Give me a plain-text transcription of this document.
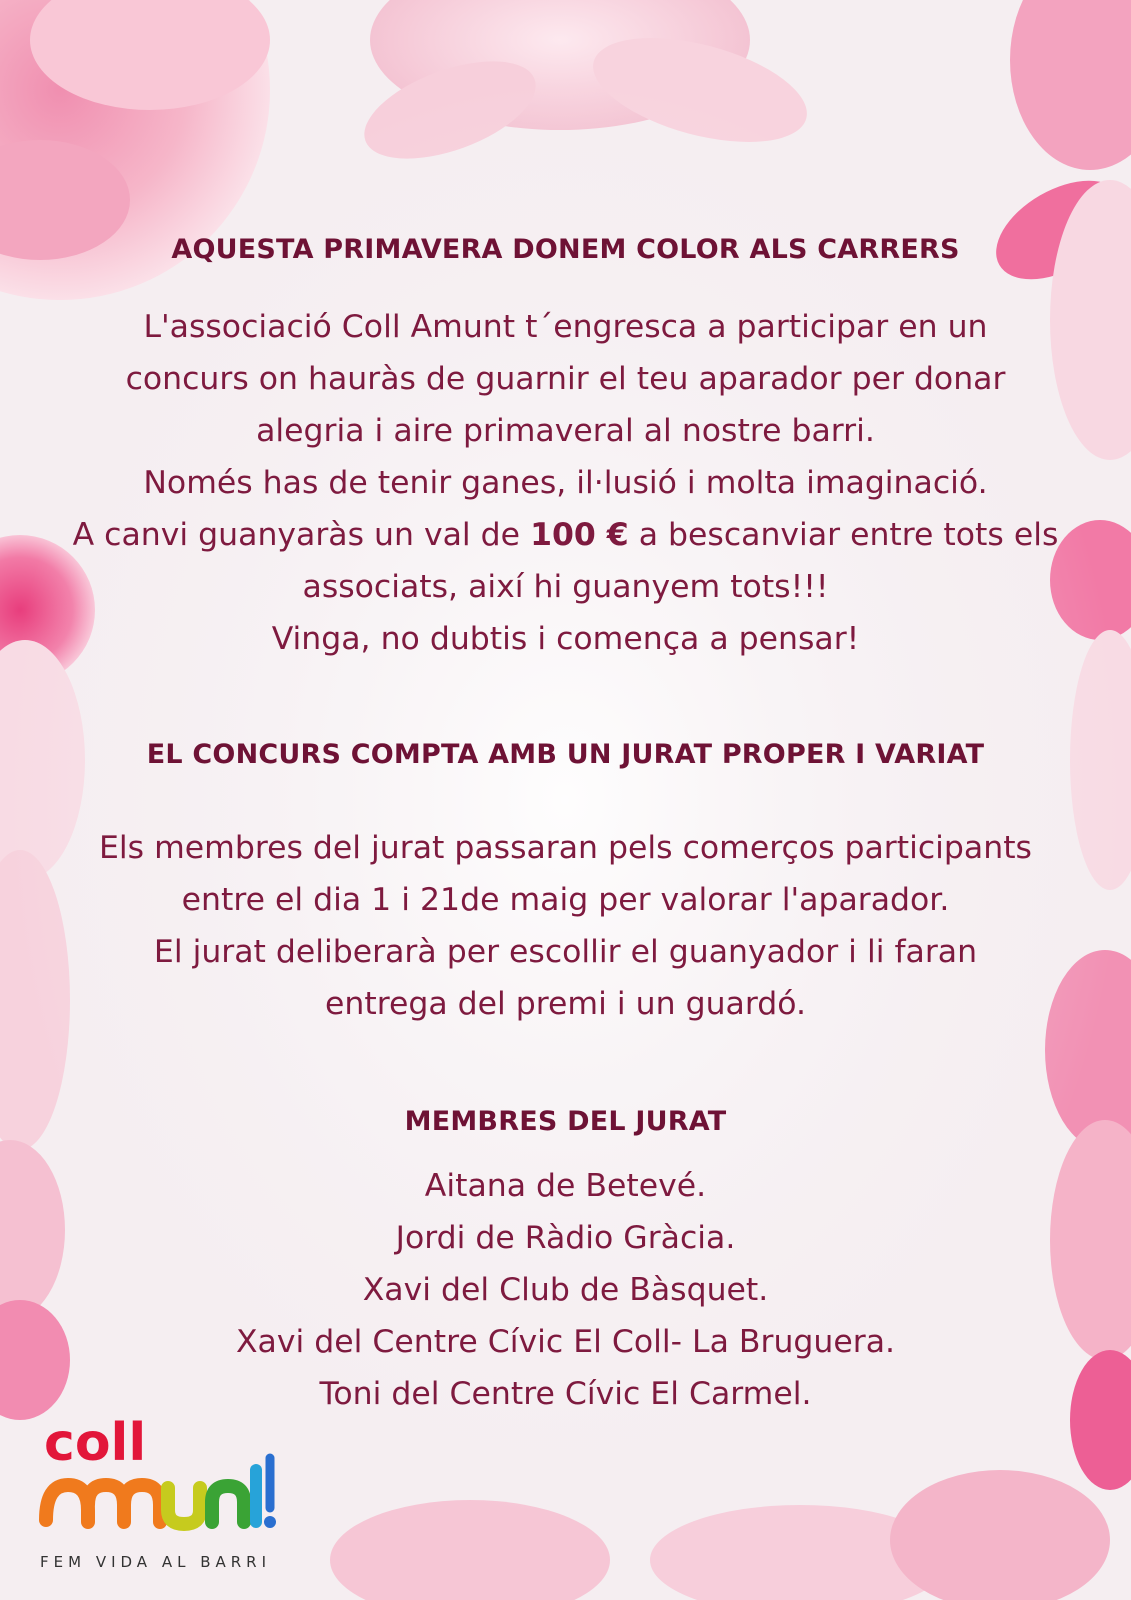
AQUESTA PRIMAVERA DONEM COLOR ALS CARRERS
L'associació Coll Amunt t´engresca a participar en un
concurs on hauràs de guarnir el teu aparador per donar
alegria i aire primaveral al nostre barri.
Només has de tenir ganes, il·lusió i molta imaginació.
A canvi guanyaràs un val de 100 € a bescanviar entre tots els
associats, així hi guanyem tots!!!
Vinga, no dubtis i comença a pensar!
EL CONCURS COMPTA AMB UN JURAT PROPER I VARIAT
Els membres del jurat passaran pels comerços participants
entre el dia 1 i 21de maig per valorar l'aparador.
El jurat deliberarà per escollir el guanyador i li faran
entrega del premi i un guardó.
MEMBRES DEL JURAT
Aitana de Betevé.
Jordi de Ràdio Gràcia.
Xavi del Club de Bàsquet.
Xavi del Centre Cívic El Coll- La Bruguera.
Toni del Centre Cívic El Carmel.
coll
FEM VIDA AL BARRI
